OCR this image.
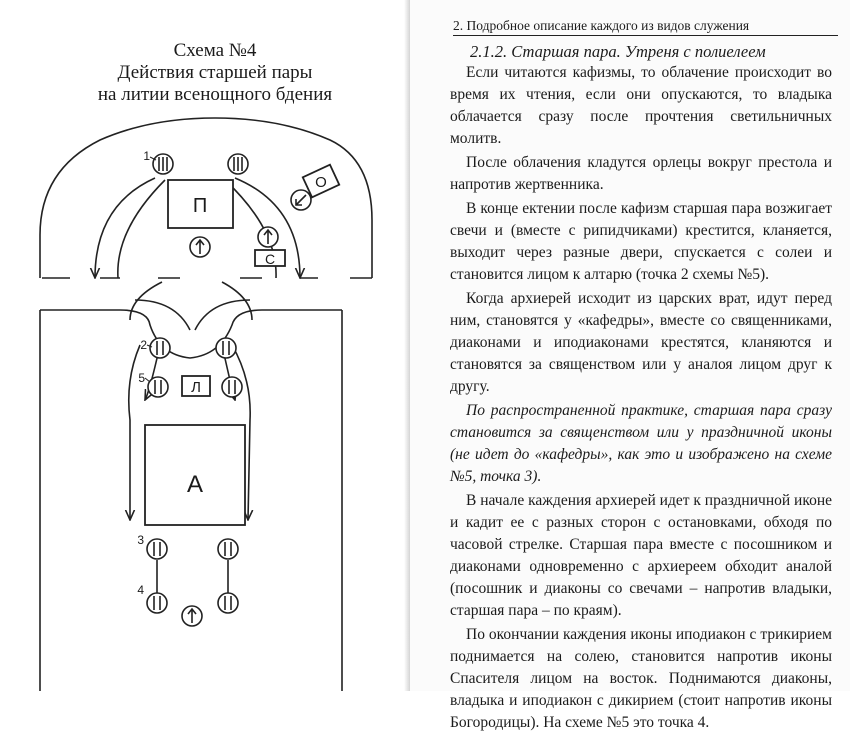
Схема №4
Действия старшей пары
на литии всенощного бдения
П
С
О
Л
А
1
2
5
3
4
2. Подробное описание каждого из видов служения
2.1.2. Старшая пара. Утреня с полиелеем

Если читаются кафизмы, то облачение происходит во время их чтения, если они опускаются, то владыка облачается сразу после прочтения светильничных молитв.

После облачения кладутся орлецы вокруг престола и напротив жертвенника.

В конце ектении после кафизм старшая пара возжигает свечи и (вместе с рипидчиками) крестится, кланяется, выходит через разные двери, спускается с солеи и становится лицом к алтарю (точка 2 схемы №5).

Когда архиерей исходит из царских врат, идут перед ним, становятся у «кафедры», вместе со священниками, диаконами и иподиаконами крестятся, кланяются и становятся за священством или у аналоя лицом друг к другу.

По распространенной практике, старшая пара сразу становится за священством или у праздничной иконы (не идет до «кафедры», как это и изображено на схеме №5, точка 3).

В начале каждения архиерей идет к праздничной иконе и кадит ее с разных сторон с остановками, обходя по часовой стрелке. Старшая пара вместе с посошником и диаконами одновременно с архиереем обходит аналой (посошник и диаконы со свечами – напротив владыки, старшая пара – по краям).

По окончании каждения иконы иподиакон с трикирием поднимается на солею, становится напротив иконы Спасителя лицом на восток. Поднимаются диаконы, владыка и иподиакон с дикирием (стоит напротив иконы Богородицы). На схеме №5 это точка 4.
